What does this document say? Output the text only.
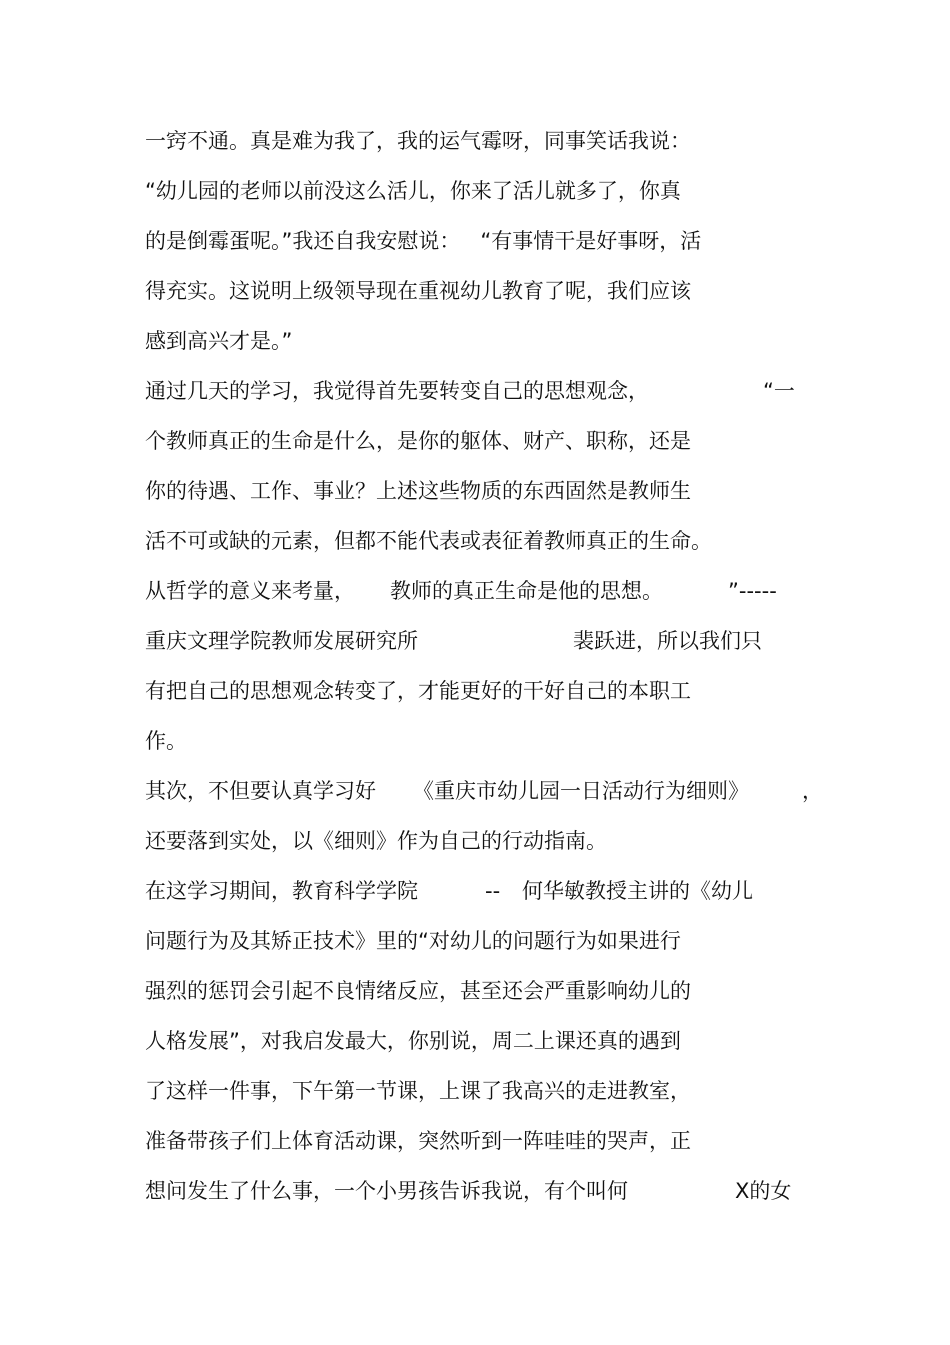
一窍不通。真是难为我了，我的运气霉呀，同事笑话我说：

“幼儿园的老师以前没这么活儿，你来了活儿就多了，你真

的是倒霉蛋呢。”我还自我安慰说：   “有事情干是好事呀，活

得充实。这说明上级领导现在重视幼儿教育了呢，我们应该

感到高兴才是。”

通过几天的学习，我觉得首先要转变自己的思想观念，

	“一

个教师真正的生命是什么，是你的躯体、财产、职称，还是

你的待遇、工作、事业？上述这些物质的东西固然是教师生

活不可或缺的元素，但都不能代表或表征着教师真正的生命。

从哲学的意义来考量，

教师的真正生命是他的思想。

	”-----

重庆文理学院教师发展研究所

	裴跃进，所以我们只

有把自己的思想观念转变了，才能更好的干好自己的本职工

作。

其次，不但要认真学习好

《重庆市幼儿园一日活动行为细则》

	，

还要落到实处，以《细则》作为自己的行动指南。

在这学习期间，教育科学学院

	--

何华敏教授主讲的《幼儿

问题行为及其矫正技术》里的“对幼儿的问题行为如果进行

强烈的惩罚会引起不良情绪反应，甚至还会严重影响幼儿的

人格发展”，对我启发最大，你别说，周二上课还真的遇到

了这样一件事，下午第一节课，上课了我高兴的走进教室，

准备带孩子们上体育活动课，突然听到一阵哇哇的哭声，正

想问发生了什么事，一个小男孩告诉我说，有个叫何

	X的女
